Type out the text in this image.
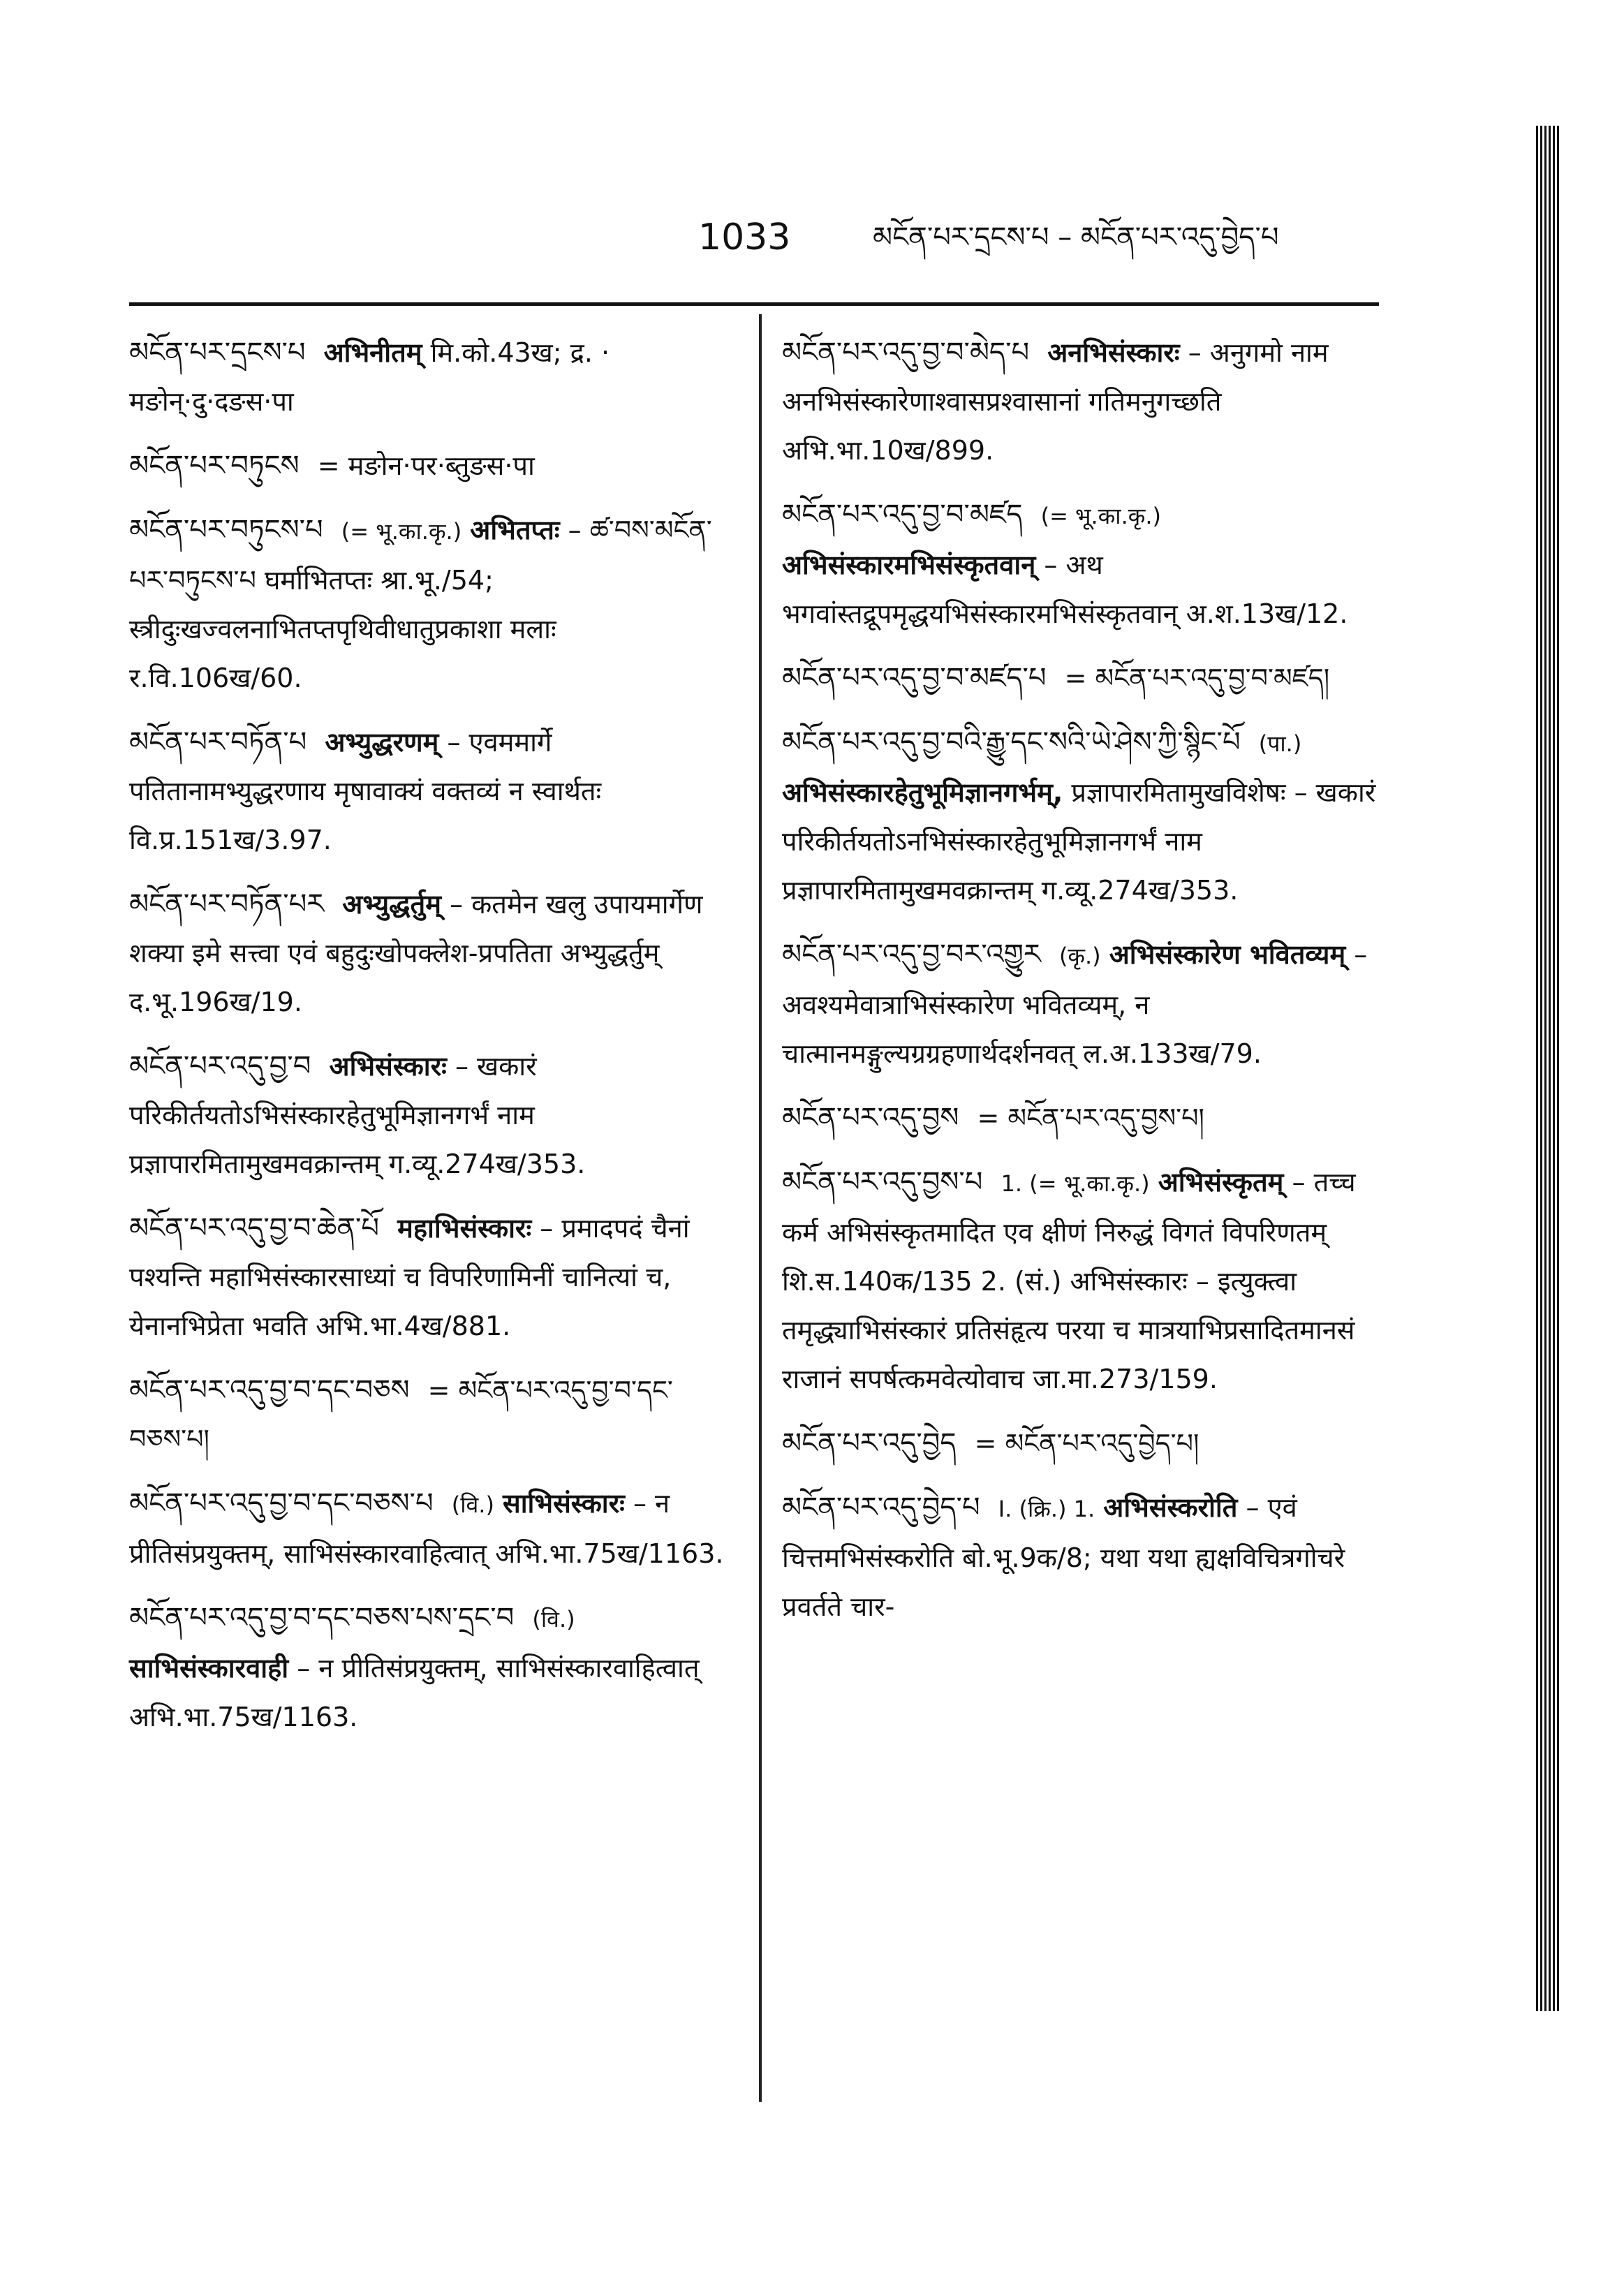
1033	མངོན་པར་དྲངས་པ – མངོན་པར་འདུ་བྱེད་པ
མངོན་པར་དྲངས་པ अभिनीतम् मि.को.43ख; द्र. · मङोन्·दु·दङस·पा
མངོན་པར་བཏུངས = मङोन·पर·ब्तुङस·पा
མངོན་པར་བཏུངས་པ (= भू.का.कृ.) अभितप्तः – ཚ་བས་མངོན་པར་བཏུངས་པ घर्माभितप्तः श्रा.भू./54; स्त्रीदुःखज्वलनाभितप्तपृथिवीधातुप्रकाशा मलाः र.वि.106ख/60.
མངོན་པར་བཏོན་པ अभ्युद्धरणम् – एवममार्गे पतितानामभ्युद्धरणाय मृषावाक्यं वक्तव्यं न स्वार्थतः वि.प्र.151ख/3.97.
མངོན་པར་བཏོན་པར अभ्युद्धर्तुम् – कतमेन खलु उपायमार्गेण शक्या इमे सत्त्वा एवं बहुदुःखोपक्लेश-प्रपतिता अभ्युद्धर्तुम् द.भू.196ख/19.
མངོན་པར་འདུ་བྱ་བ अभिसंस्कारः – खकारं परिकीर्तयतोऽभिसंस्कारहेतुभूमिज्ञानगर्भं नाम प्रज्ञापारमितामुखमवक्रान्तम् ग.व्यू.274ख/353.
མངོན་པར་འདུ་བྱ་བ་ཆེན་པོ महाभिसंस्कारः – प्रमादपदं चैनां पश्यन्ति महाभिसंस्कारसाध्यां च विपरिणामिनीं चानित्यां च, येनानभिप्रेता भवति अभि.भा.4ख/881.
མངོན་པར་འདུ་བྱ་བ་དང་བཅས = མངོན་པར་འདུ་བྱ་བ་དང་བཅས་པ།
མངོན་པར་འདུ་བྱ་བ་དང་བཅས་པ (वि.) साभिसंस्कारः – न प्रीतिसंप्रयुक्तम्, साभिसंस्कारवाहित्वात् अभि.भा.75ख/1163.
མངོན་པར་འདུ་བྱ་བ་དང་བཅས་པས་དྲང་བ (वि.) साभिसंस्कारवाही – न प्रीतिसंप्रयुक्तम्, साभिसंस्कारवाहित्वात् अभि.भा.75ख/1163.
མངོན་པར་འདུ་བྱ་བ་མེད་པ अनभिसंस्कारः – अनुगमो नाम अनभिसंस्कारेणाश्वासप्रश्वासानां गतिमनुगच्छति अभि.भा.10ख/899.
མངོན་པར་འདུ་བྱ་བ་མཛད (= भू.का.कृ.) अभिसंस्कारमभिसंस्कृतवान् – अथ भगवांस्तद्रूपमृद्धयभिसंस्कारमभिसंस्कृतवान् अ.श.13ख/12.
མངོན་པར་འདུ་བྱ་བ་མཛད་པ = མངོན་པར་འདུ་བྱ་བ་མཛད།
མངོན་པར་འདུ་བྱ་བའི་རྒྱུ་དང་སའི་ཡེ་ཤེས་ཀྱི་སྙིང་པོ (पा.) अभिसंस्कारहेतुभूमिज्ञानगर्भम्, प्रज्ञापारमितामुखविशेषः – खकारं परिकीर्तयतोऽनभिसंस्कारहेतुभूमिज्ञानगर्भं नाम प्रज्ञापारमितामुखमवक्रान्तम् ग.व्यू.274ख/353.
མངོན་པར་འདུ་བྱ་བར་འགྱུར (कृ.) अभिसंस्कारेण भवितव्यम् – अवश्यमेवात्राभिसंस्कारेण भवितव्यम्, न चात्मानमङ्गुल्यग्रग्रहणार्थदर्शनवत् ल.अ.133ख/79.
མངོན་པར་འདུ་བྱས = མངོན་པར་འདུ་བྱས་པ།
མངོན་པར་འདུ་བྱས་པ 1. (= भू.का.कृ.) अभिसंस्कृतम् – तच्च कर्म अभिसंस्कृतमादित एव क्षीणं निरुद्धं विगतं विपरिणतम् शि.स.140क/135 2. (सं.) अभिसंस्कारः – इत्युक्त्वा तमृद्ध्याभिसंस्कारं प्रतिसंहृत्य परया च मात्रयाभिप्रसादितमानसं राजानं सपर्षत्कमवेत्योवाच जा.मा.273/159.
མངོན་པར་འདུ་བྱེད = མངོན་པར་འདུ་བྱེད་པ།
མངོན་པར་འདུ་བྱེད་པ I. (क्रि.) 1. अभिसंस्करोति – एवं चित्तमभिसंस्करोति बो.भू.9क/8; यथा यथा ह्यक्षविचित्रगोचरे प्रवर्तते चार-
